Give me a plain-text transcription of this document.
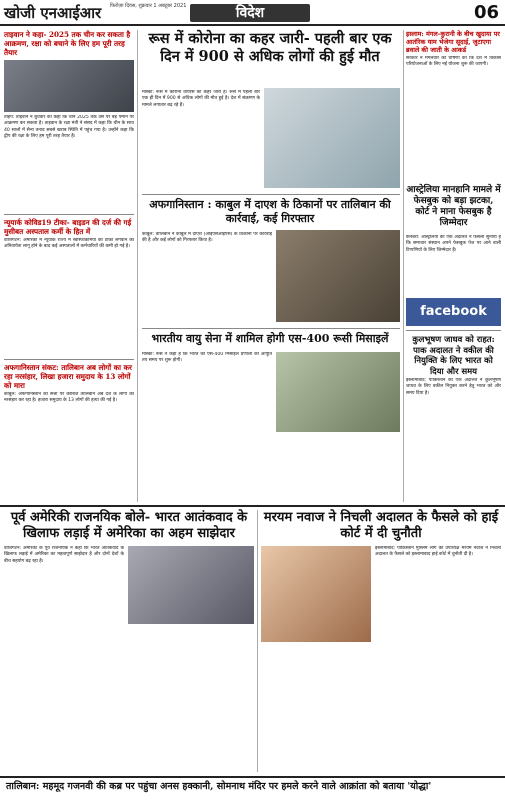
खोजी एनआईआर फिरोज़ा दिवस, शुक्रवार 1 अक्टूबर 2021	विदेश	06
ताइवान ने कहा- 2025 तक चीन कर सकता है आक्रमण, रक्षा को बचाने के लिए हम पूरी तरह तैयार
ताइपे: ताइवान ने बुधवार को कहा कि चीन 2025 तक उस पर बड़े पैमाने पर आक्रमण कर सकता है। ताइवान के रक्षा मंत्री ने संसद में कहा कि चीन के साथ 40 सालों में सैन्य तनाव सबसे खराब स्थिति में पहुंच गया है। उन्होंने कहा कि द्वीप की रक्षा के लिए हम पूरी तरह तैयार हैं।
न्यूयार्क कोविड19 टीका- बाइडन की दर्ज की गई मुसीबत अस्पताल कर्मी के हित में
वाशिंगटन: अमेरिका में न्यूयार्क राज्य में स्वास्थ्यकर्मियों को टीका लगवाने की अनिवार्यता लागू होने के बाद कई अस्पतालों में कर्मचारियों की कमी हो गई है।
अफगानिस्तान संकट: तालिबान अब लोगों का कर रहा नरसंहार, लिखा हजारा समुदाय के 13 लोगों को मारा
काबुल: अफगानिस्तान की सत्ता पर काबिज तालिबान अब देश के लोगों का नरसंहार कर रहा है। हजारा समुदाय के 13 लोगों की हत्या की गई है।
रूस में कोरोना का कहर जारी- पहली बार एक दिन में 900 से अधिक लोगों की हुई मौत
मास्को: रूस में कोरोना वायरस का कहर जारी है। रूस में पहली बार एक ही दिन में 900 से अधिक लोगों की मौत हुई है। देश में संक्रमण के मामले लगातार बढ़ रहे हैं।
अफगानिस्तान : काबुल में दाएश के ठिकानों पर तालिबान की कार्रवाई, कई गिरफ्तार
काबुल: तालिबान ने काबुल में दाएश (आईएसआईएस) के ठिकानों पर कार्रवाई की है और कई लोगों को गिरफ्तार किया है।
भारतीय वायु सेना में शामिल होगी एस-400 रूसी मिसाइलें
मास्को: रूस ने कहा है कि भारत को एस-400 मिसाइल प्रणाली की आपूर्ति तय समय पर शुरू होगी।
इस्लाम: मंगल-कुरानी के बीच खुदाया पर आतंरिक याम भेजेगा सूदाई, जुटाएगा ब्रवाले की जाती के आकर्ड
सरकार ने मंगलवार को घोषणा की कि देश में विकास परियोजनाओं के लिए नई योजना शुरू की जाएगी।
आस्ट्रेलिया मानहानि मामले में फेसबुक को बड़ा झटका, कोर्ट ने माना फेसबुक है जिम्मेदार
कैनबरा: ऑस्ट्रेलिया की एक अदालत ने फैसला सुनाया है कि समाचार संस्थान अपने फेसबुक पेज पर आने वाली टिप्पणियों के लिए जिम्मेदार हैं।
facebook
कुलभूषण जाधव को राहत: पाक अदालत ने वकील की नियुक्ति के लिए भारत को दिया और समय
इस्लामाबाद: पाकिस्तान की एक अदालत ने कुलभूषण जाधव के लिए वकील नियुक्त करने हेतु भारत को और समय दिया है।
पूर्व अमेरिकी राजनयिक बोले- भारत आतंकवाद के खिलाफ लड़ाई में अमेरिका का अहम साझेदार
वाशिंगटन: अमेरिका के पूर्व राजनयिक ने कहा कि भारत आतंकवाद के खिलाफ लड़ाई में अमेरिका का महत्वपूर्ण साझेदार है और दोनों देशों के बीच सहयोग बढ़ रहा है।
मरयम नवाज ने निचली अदालत के फैसले को हाई कोर्ट में दी चुनौती
इस्लामाबाद: पाकिस्तान मुस्लिम लीग की उपाध्यक्ष मरयम नवाज ने निचली अदालत के फैसले को इस्लामाबाद हाई कोर्ट में चुनौती दी है।
तालिबान: महमूद गजनवी की कब्र पर पहुंचा अनस हक्कानी, सोमनाथ मंदिर पर हमले करने वाले आक्रांता को बताया 'योद्धा'
